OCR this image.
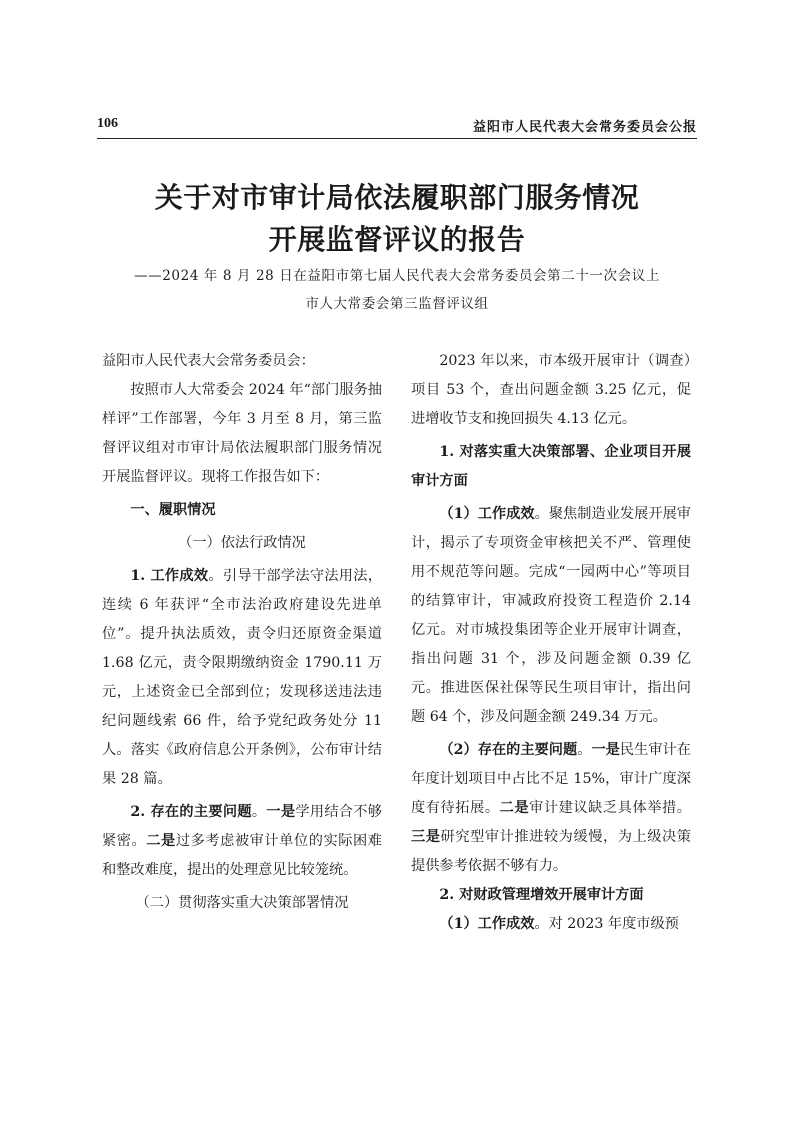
106	益阳市人民代表大会常务委员会公报
关于对市审计局依法履职部门服务情况
开展监督评议的报告

——2024 年 8 月 28 日在益阳市第七届人民代表大会常务委员会第二十一次会议上

市人大常委会第三监督评议组

益阳市人民代表大会常务委员会：

按照市人大常委会 2024 年“部门服务抽样评”工作部署，今年 3 月至 8 月，第三监督评议组对市审计局依法履职部门服务情况开展监督评议。现将工作报告如下：

一、履职情况

（一）依法行政情况

1. 工作成效。引导干部学法守法用法，连续 6 年获评“全市法治政府建设先进单位”。提升执法质效，责令归还原资金渠道 1.68 亿元，责令限期缴纳资金 1790.11 万元，上述资金已全部到位；发现移送违法违纪问题线索 66 件，给予党纪政务处分 11 人。落实《政府信息公开条例》，公布审计结果 28 篇。

2. 存在的主要问题。一是学用结合不够紧密。二是过多考虑被审计单位的实际困难和整改难度，提出的处理意见比较笼统。

（二）贯彻落实重大决策部署情况

2023 年以来，市本级开展审计（调查）项目 53 个，查出问题金额 3.25 亿元，促进增收节支和挽回损失 4.13 亿元。

1. 对落实重大决策部署、企业项目开展审计方面

（1）工作成效。聚焦制造业发展开展审计，揭示了专项资金审核把关不严、管理使用不规范等问题。完成“一园两中心”等项目的结算审计，审减政府投资工程造价 2.14 亿元。对市城投集团等企业开展审计调查，指出问题 31 个，涉及问题金额 0.39 亿元。推进医保社保等民生项目审计，指出问题 64 个，涉及问题金额 249.34 万元。

（2）存在的主要问题。一是民生审计在年度计划项目中占比不足 15%，审计广度深度有待拓展。二是审计建议缺乏具体举措。三是研究型审计推进较为缓慢，为上级决策提供参考依据不够有力。

2. 对财政管理增效开展审计方面

（1）工作成效。对 2023 年度市级预
